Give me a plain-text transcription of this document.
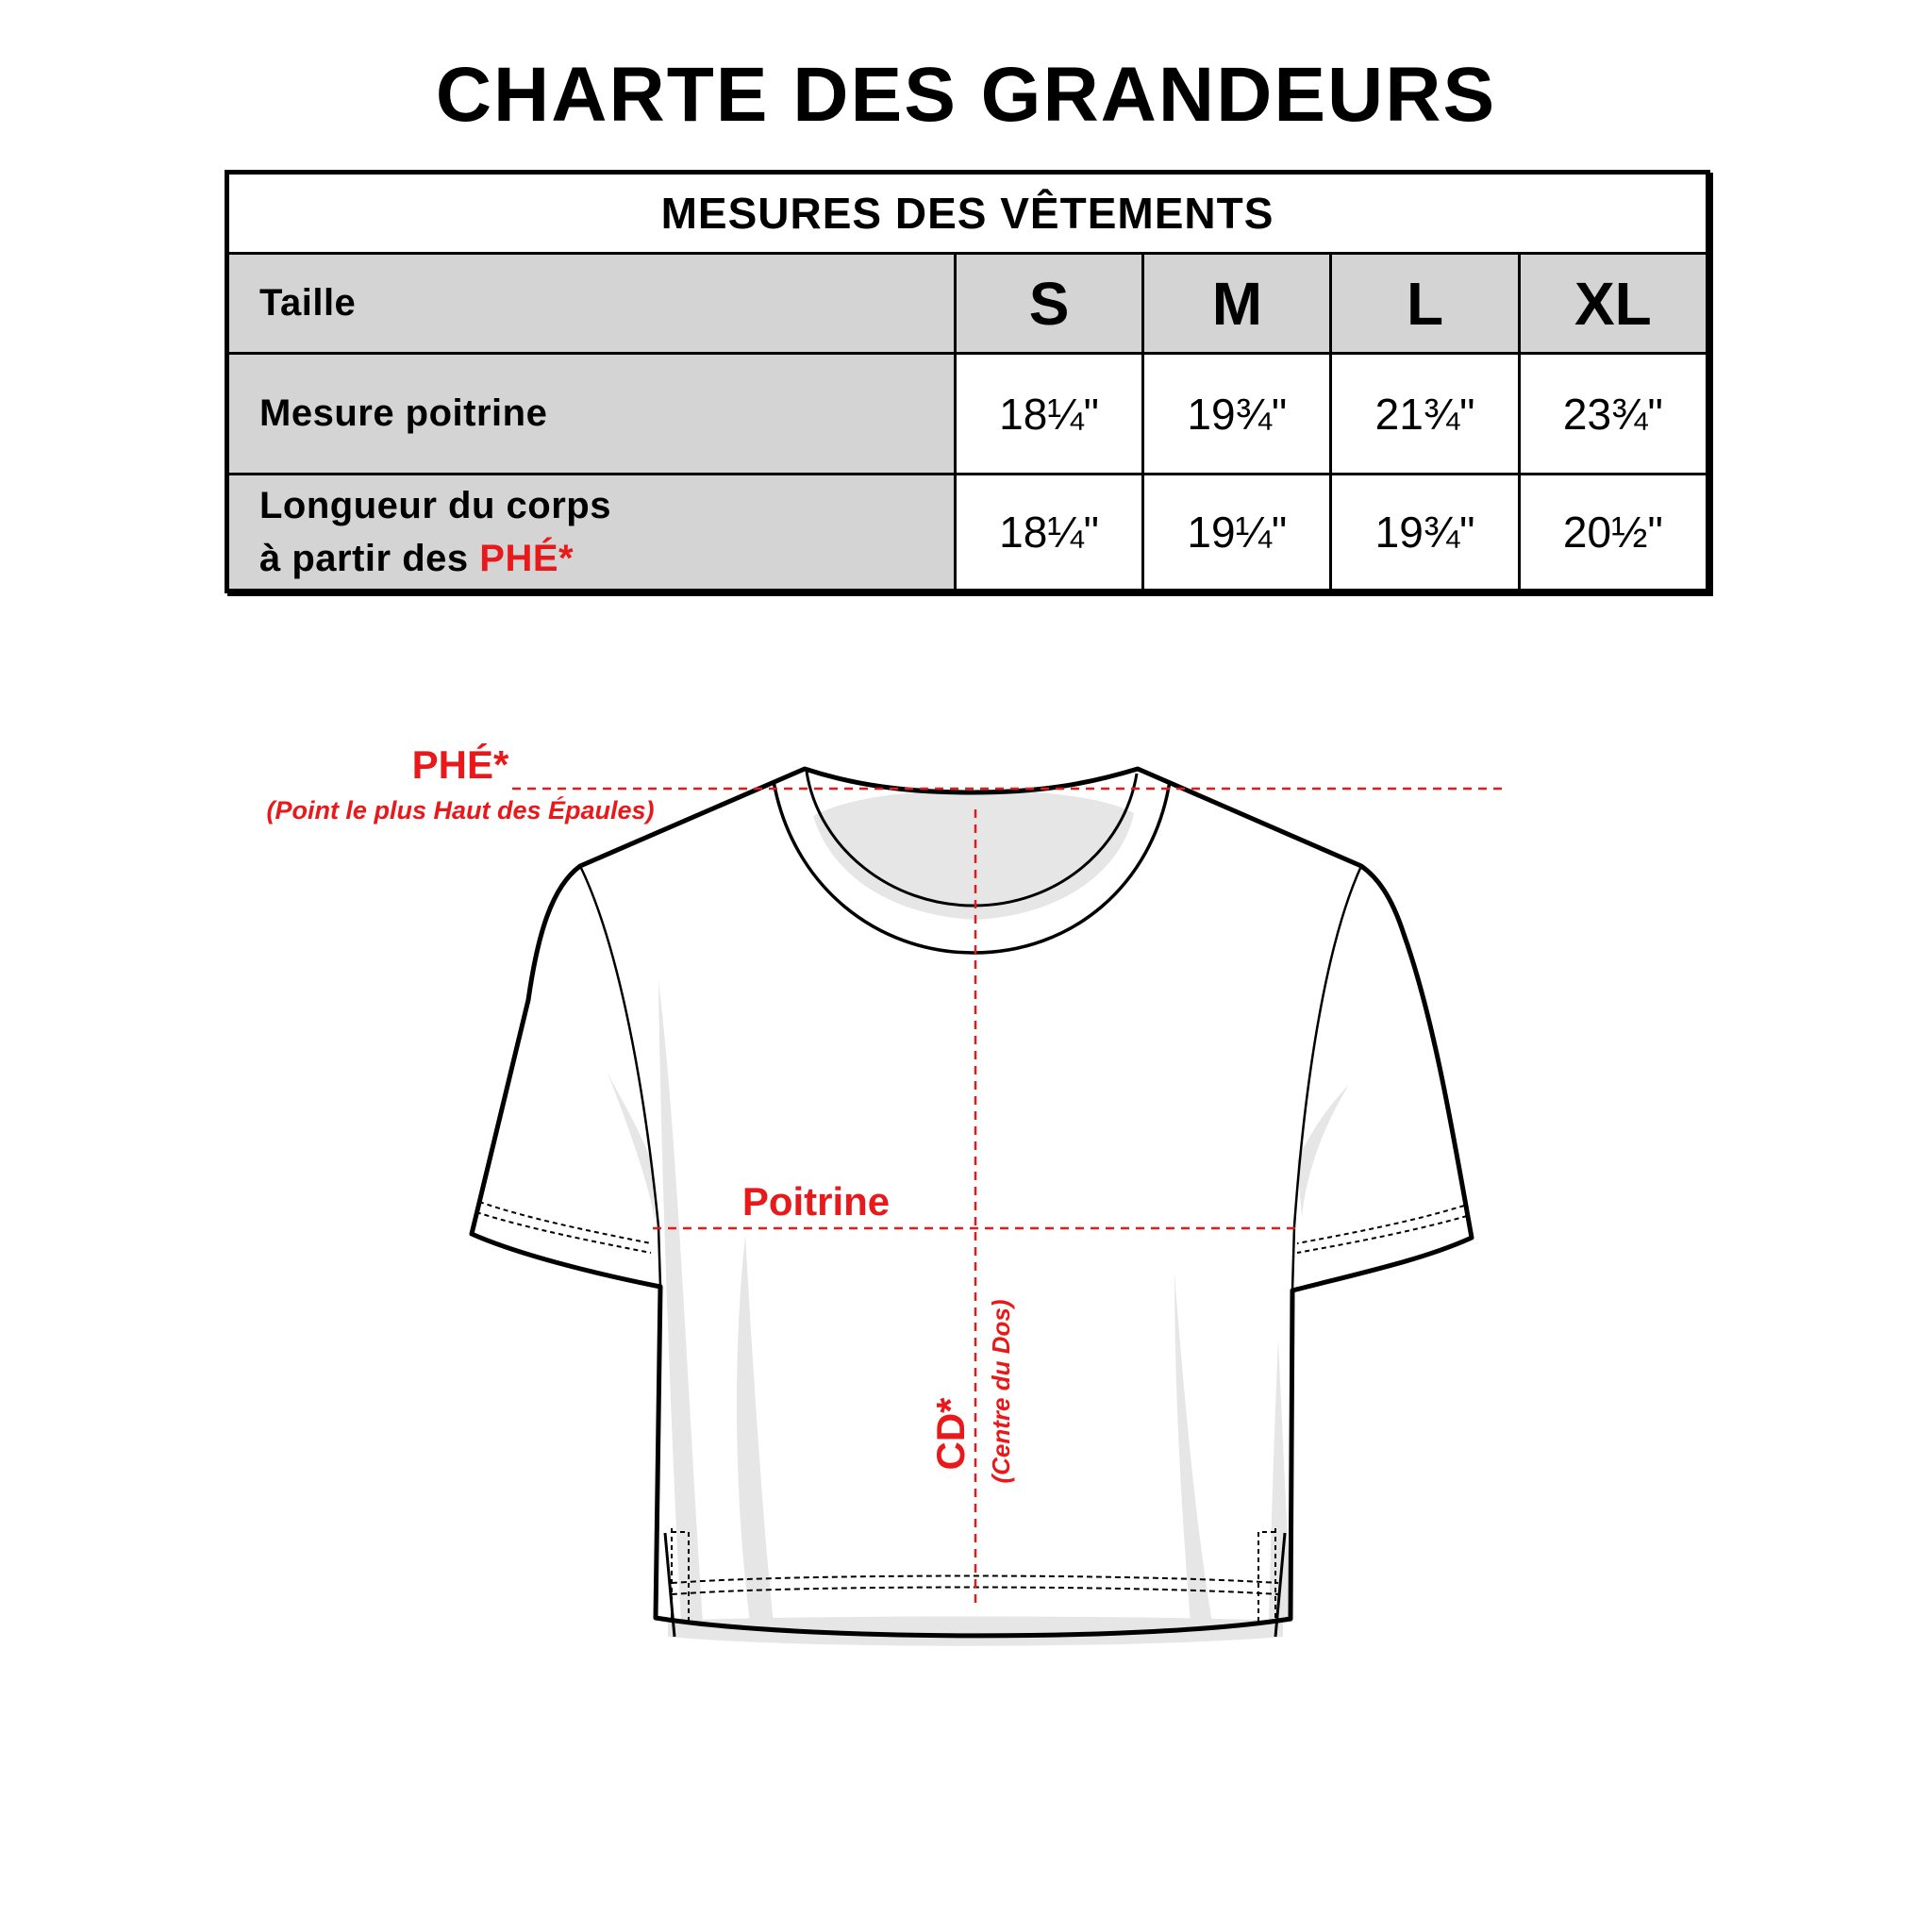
CHARTE DES GRANDEURS
MESURES DES VÊTEMENTS				
Taille	S	M	L	XL
Mesure poitrine	18¼"	19¾"	21¾"	23¾"

Longueur du corps
à partir des PHÉ*	18¼"	19¼"	19¾"	20½"
PHÉ*
(Point le plus Haut des Épaules)
Poitrine
CD* (Centre du Dos)
